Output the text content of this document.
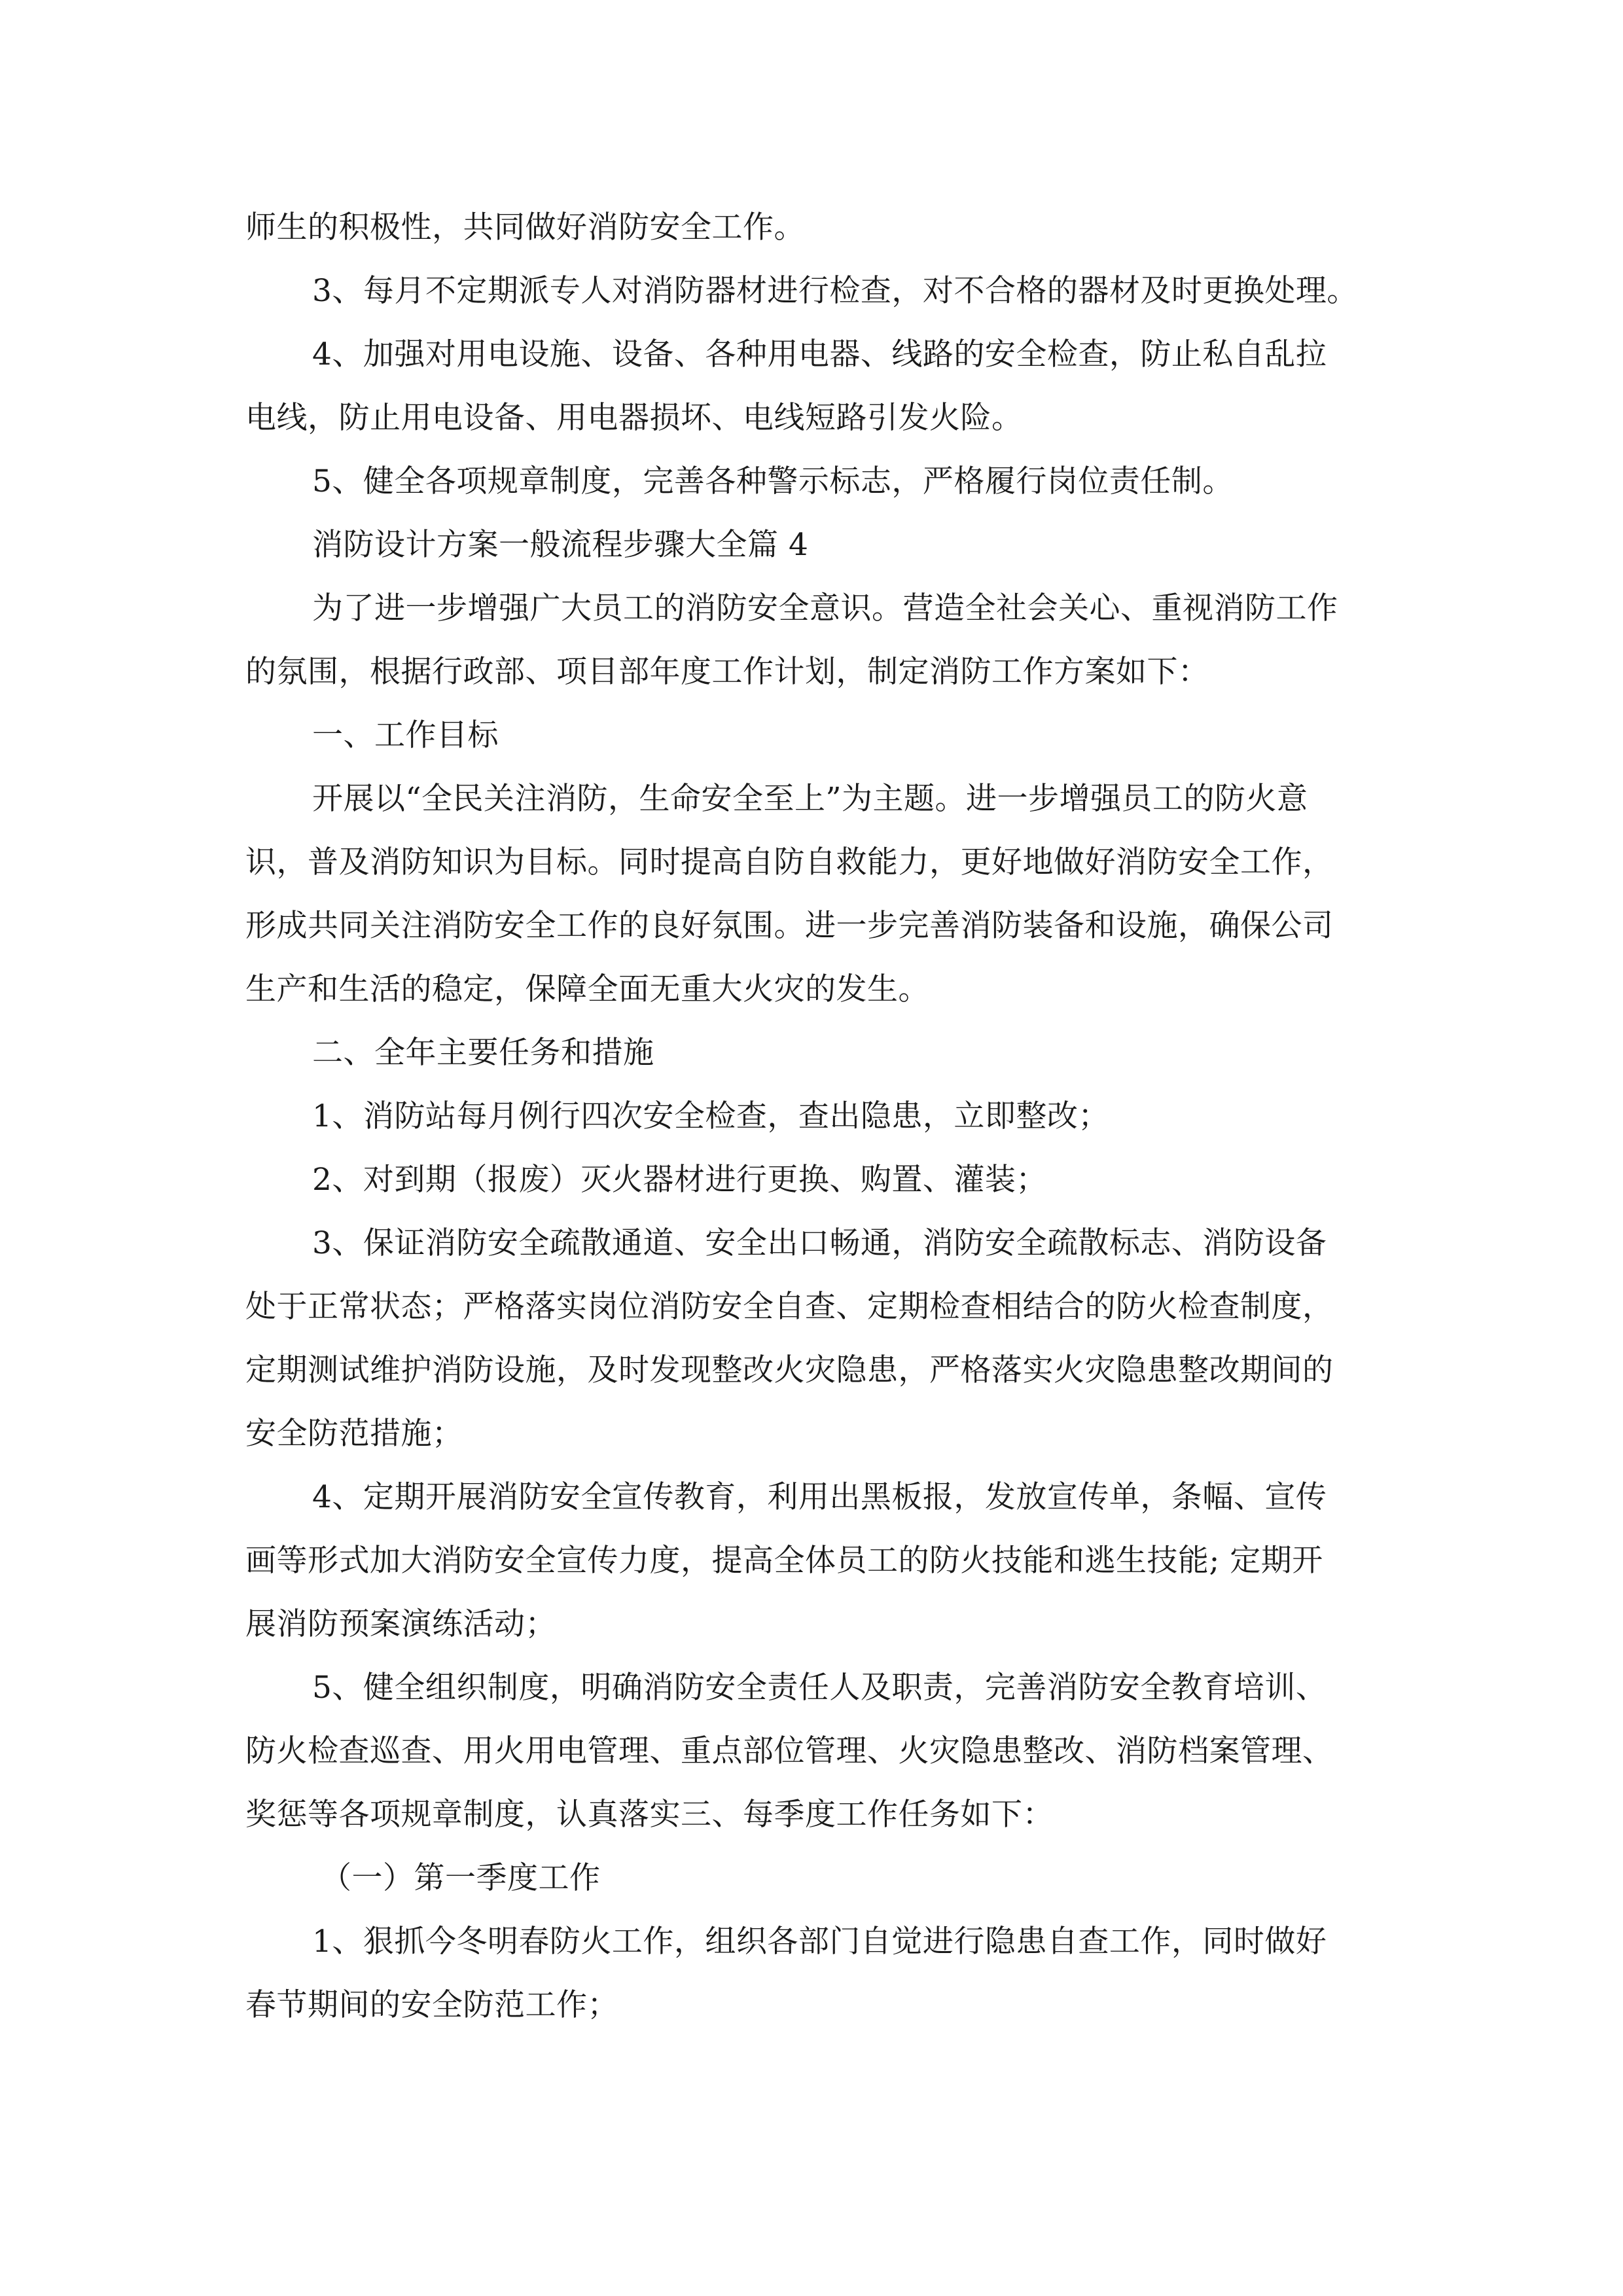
师生的积极性，共同做好消防安全工作。
3、每月不定期派专人对消防器材进行检查，对不合格的器材及时更换处理。
4、加强对用电设施、设备、各种用电器、线路的安全检查，防止私自乱拉
电线，防止用电设备、用电器损坏、电线短路引发火险。
5、健全各项规章制度，完善各种警示标志，严格履行岗位责任制。
消防设计方案一般流程步骤大全篇 4
为了进一步增强广大员工的消防安全意识。营造全社会关心、重视消防工作
的氛围，根据行政部、项目部年度工作计划，制定消防工作方案如下：
一、工作目标
开展以“全民关注消防，生命安全至上”为主题。进一步增强员工的防火意
识，普及消防知识为目标。同时提高自防自救能力，更好地做好消防安全工作，
形成共同关注消防安全工作的良好氛围。进一步完善消防装备和设施，确保公司
生产和生活的稳定，保障全面无重大火灾的发生。
二、全年主要任务和措施
1、消防站每月例行四次安全检查，查出隐患，立即整改；
2、对到期（报废）灭火器材进行更换、购置、灌装；
3、保证消防安全疏散通道、安全出口畅通，消防安全疏散标志、消防设备
处于正常状态；严格落实岗位消防安全自查、定期检查相结合的防火检查制度，
定期测试维护消防设施，及时发现整改火灾隐患，严格落实火灾隐患整改期间的
安全防范措施；
4、定期开展消防安全宣传教育，利用出黑板报，发放宣传单，条幅、宣传
画等形式加大消防安全宣传力度，提高全体员工的防火技能和逃生技能; 定期开
展消防预案演练活动；
5、健全组织制度，明确消防安全责任人及职责，完善消防安全教育培训、
防火检查巡查、用火用电管理、重点部位管理、火灾隐患整改、消防档案管理、
奖惩等各项规章制度，认真落实三、每季度工作任务如下：
（一）第一季度工作
1、狠抓今冬明春防火工作，组织各部门自觉进行隐患自查工作，同时做好
春节期间的安全防范工作；
